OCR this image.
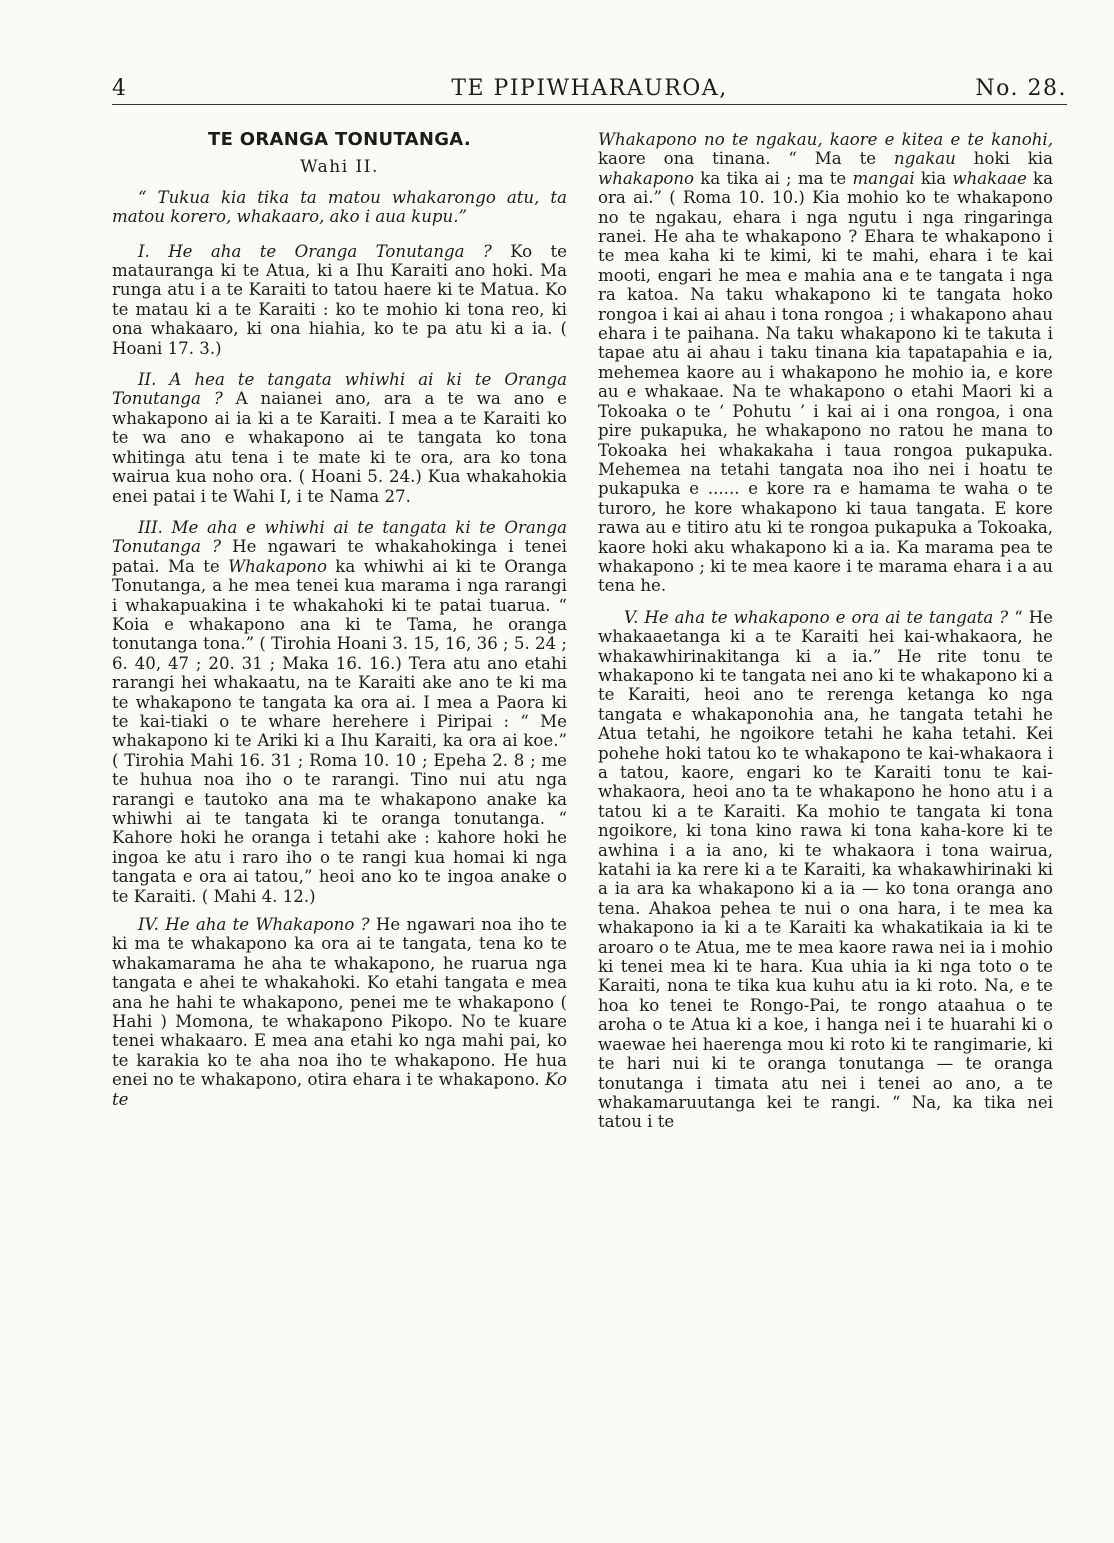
4	TE PIPIWHARAUROA,	No. 28.

TE ORANGA TONUTANGA.

Wahi II.

“ Tukua kia tika ta matou whakarongo atu, ta matou korero, whakaaro, ako i aua kupu.”

I. He aha te Oranga Tonutanga ? Ko te matauranga ki te Atua, ki a Ihu Karaiti ano hoki. Ma runga atu i a te Karaiti to tatou haere ki te Matua. Ko te matau ki a te Karaiti : ko te mohio ki tona reo, ki ona whakaaro, ki ona hiahia, ko te pa atu ki a ia. ( Hoani 17. 3.)

II. A hea te tangata whiwhi ai ki te Oranga Tonutanga ? A naianei ano, ara a te wa ano e whakapono ai ia ki a te Karaiti. I mea a te Karaiti ko te wa ano e whakapono ai te tangata ko tona whitinga atu tena i te mate ki te ora, ara ko tona wairua kua noho ora. ( Hoani 5. 24.) Kua whakahokia enei patai i te Wahi I, i te Nama 27.

III. Me aha e whiwhi ai te tangata ki te Oranga Tonutanga ? He ngawari te whakahokinga i tenei patai. Ma te Whakapono ka whiwhi ai ki te Oranga Tonutanga, a he mea tenei kua marama i nga rarangi i whakapuakina i te whakahoki ki te patai tuarua. “ Koia e whakapono ana ki te Tama, he oranga tonutanga tona.” ( Tirohia Hoani 3. 15, 16, 36 ; 5. 24 ; 6. 40, 47 ; 20. 31 ; Maka 16. 16.) Tera atu ano etahi rarangi hei whakaatu, na te Karaiti ake ano te ki ma te whakapono te tangata ka ora ai. I mea a Paora ki te kai-tiaki o te whare herehere i Piripai : “ Me whakapono ki te Ariki ki a Ihu Karaiti, ka ora ai koe.” ( Tirohia Mahi 16. 31 ; Roma 10. 10 ; Epeha 2. 8 ; me te huhua noa iho o te rarangi. Tino nui atu nga rarangi e tautoko ana ma te whakapono anake ka whiwhi ai te tangata ki te oranga tonutanga. “ Kahore hoki he oranga i tetahi ake : kahore hoki he ingoa ke atu i raro iho o te rangi kua homai ki nga tangata e ora ai tatou,” heoi ano ko te ingoa anake o te Karaiti. ( Mahi 4. 12.)

IV. He aha te Whakapono ? He ngawari noa iho te ki ma te whakapono ka ora ai te tangata, tena ko te whakamarama he aha te whakapono, he ruarua nga tangata e ahei te whakahoki. Ko etahi tangata e mea ana he hahi te whakapono, penei me te whakapono ( Hahi ) Momona, te whakapono Pikopo. No te kuare tenei whakaaro. E mea ana etahi ko nga mahi pai, ko te karakia ko te aha noa iho te whakapono. He hua enei no te whakapono, otira ehara i te whakapono. Ko te

Whakapono no te ngakau, kaore e kitea e te kanohi, kaore ona tinana. “ Ma te ngakau hoki kia whakapono ka tika ai ; ma te mangai kia whakaae ka ora ai.” ( Roma 10. 10.) Kia mohio ko te whakapono no te ngakau, ehara i nga ngutu i nga ringaringa ranei. He aha te whakapono ? Ehara te whakapono i te mea kaha ki te kimi, ki te mahi, ehara i te kai mooti, engari he mea e mahia ana e te tangata i nga ra katoa. Na taku whakapono ki te tangata hoko rongoa i kai ai ahau i tona rongoa ; i whakapono ahau ehara i te paihana. Na taku whakapono ki te takuta i tapae atu ai ahau i taku tinana kia tapatapahia e ia, mehemea kaore au i whakapono he mohio ia, e kore au e whakaae. Na te whakapono o etahi Maori ki a Tokoaka o te ‘ Pohutu ’ i kai ai i ona rongoa, i ona pire pukapuka, he whakapono no ratou he mana to Tokoaka hei whakakaha i taua rongoa pukapuka. Mehemea na tetahi tangata noa iho nei i hoatu te pukapuka e ...... e kore ra e hamama te waha o te turoro, he kore whakapono ki taua tangata. E kore rawa au e titiro atu ki te rongoa pukapuka a Tokoaka, kaore hoki aku whakapono ki a ia. Ka marama pea te whakapono ; ki te mea kaore i te marama ehara i a au tena he.

V. He aha te whakapono e ora ai te tangata ? “ He whakaaetanga ki a te Karaiti hei kai-whakaora, he whakawhirinakitanga ki a ia.” He rite tonu te whakapono ki te tangata nei ano ki te whakapono ki a te Karaiti, heoi ano te rerenga ketanga ko nga tangata e whakaponohia ana, he tangata tetahi he Atua tetahi, he ngoikore tetahi he kaha tetahi. Kei pohehe hoki tatou ko te whakapono te kai-whakaora i a tatou, kaore, engari ko te Karaiti tonu te kai-whakaora, heoi ano ta te whakapono he hono atu i a tatou ki a te Karaiti. Ka mohio te tangata ki tona ngoikore, ki tona kino rawa ki tona kaha-kore ki te awhina i a ia ano, ki te whakaora i tona wairua, katahi ia ka rere ki a te Karaiti, ka whakawhirinaki ki a ia ara ka whakapono ki a ia — ko tona oranga ano tena. Ahakoa pehea te nui o ona hara, i te mea ka whakapono ia ki a te Karaiti ka whakatikaia ia ki te aroaro o te Atua, me te mea kaore rawa nei ia i mohio ki tenei mea ki te hara. Kua uhia ia ki nga toto o te Karaiti, nona te tika kua kuhu atu ia ki roto. Na, e te hoa ko tenei te Rongo-Pai, te rongo ataahua o te aroha o te Atua ki a koe, i hanga nei i te huarahi ki o waewae hei haerenga mou ki roto ki te rangimarie, ki te hari nui ki te oranga tonutanga — te oranga tonutanga i timata atu nei i tenei ao ano, a te whakamaruutanga kei te rangi. “ Na, ka tika nei tatou i te
